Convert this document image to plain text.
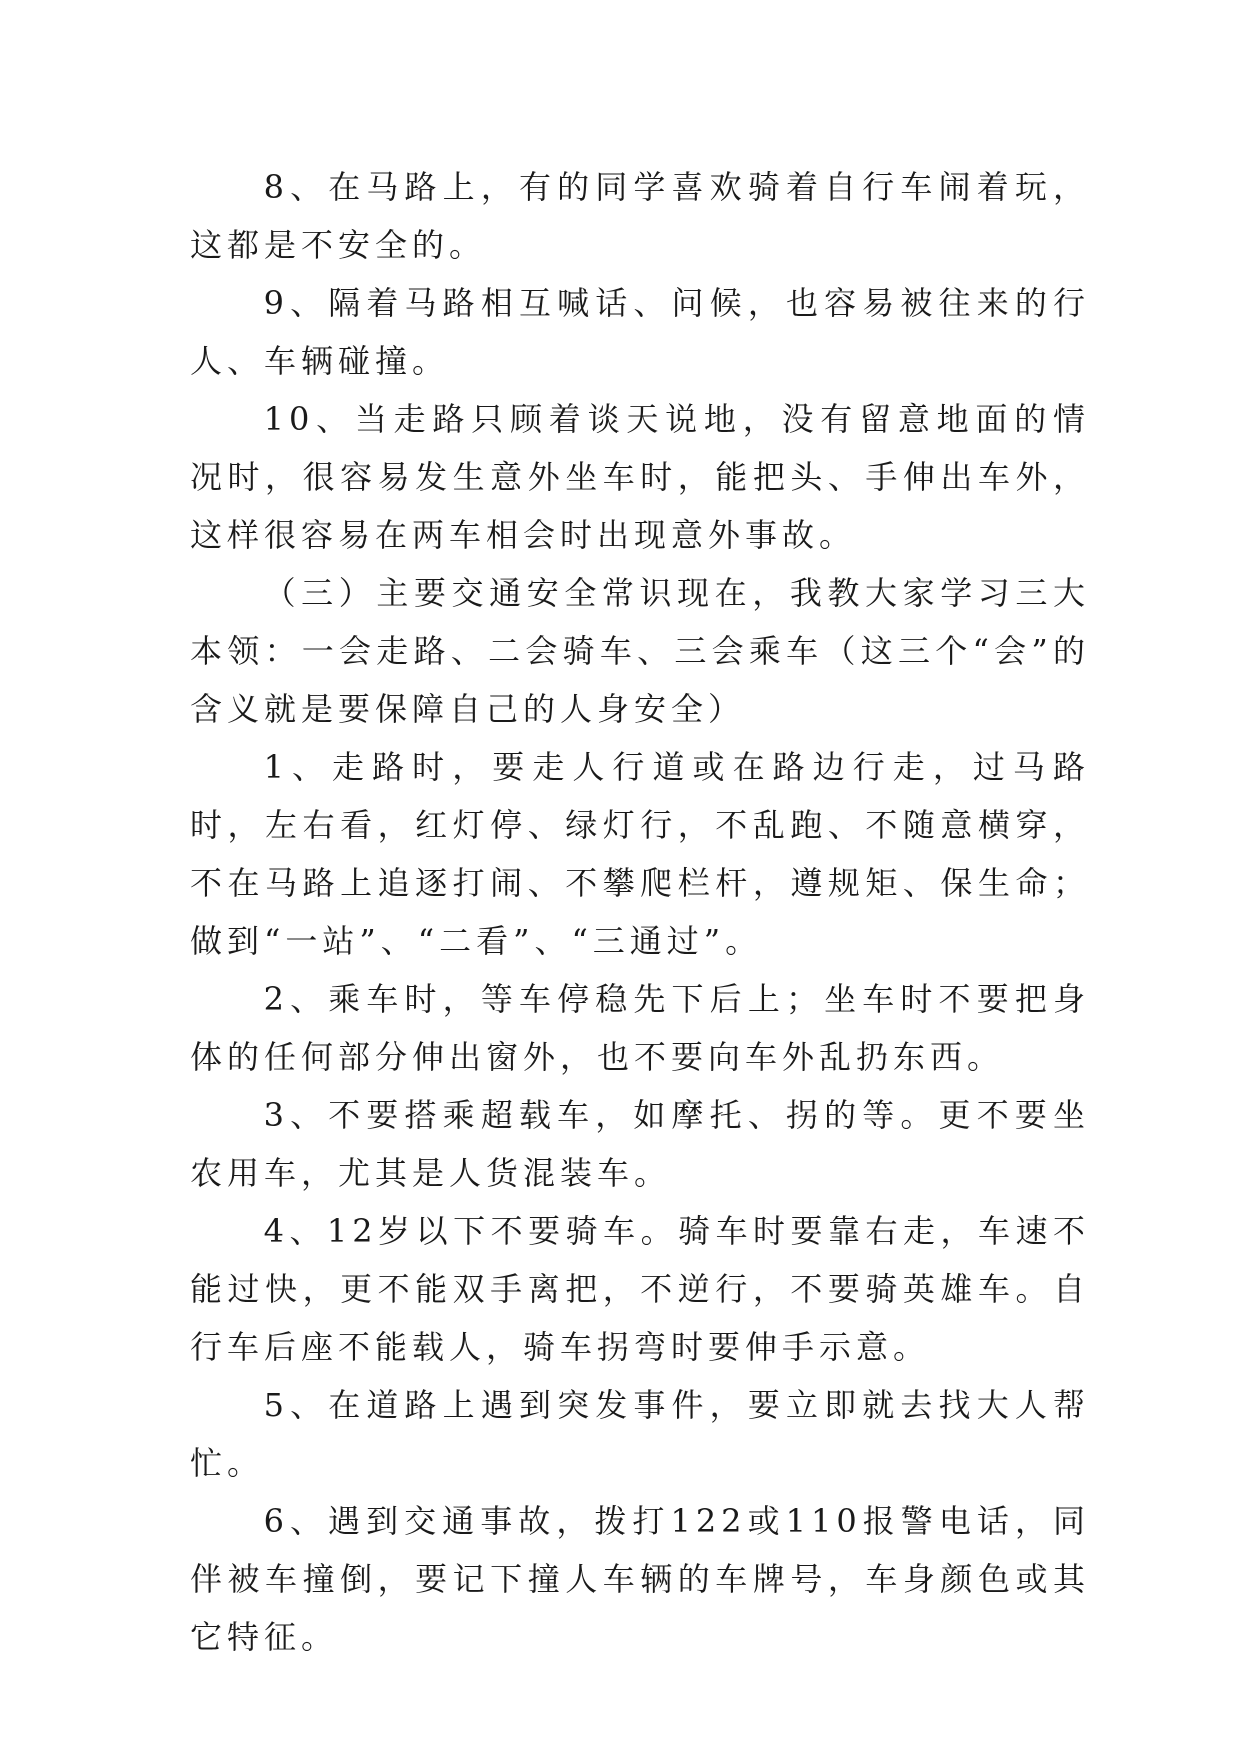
8、在马路上，有的同学喜欢骑着自行车闹着玩，这都是不安全的。

9、隔着马路相互喊话、问候，也容易被往来的行人、车辆碰撞。

10、当走路只顾着谈天说地，没有留意地面的情况时，很容易发生意外坐车时，能把头、手伸出车外，这样很容易在两车相会时出现意外事故。

（三）主要交通安全常识现在，我教大家学习三大本领：一会走路、二会骑车、三会乘车（这三个“会”的含义就是要保障自己的人身安全）

1、走路时，要走人行道或在路边行走，过马路时，左右看，红灯停、绿灯行，不乱跑、不随意横穿，不在马路上追逐打闹、不攀爬栏杆，遵规矩、保生命；做到“一站”、“二看”、“三通过”。

2、乘车时，等车停稳先下后上；坐车时不要把身体的任何部分伸出窗外，也不要向车外乱扔东西。

3、不要搭乘超载车，如摩托、拐的等。更不要坐农用车，尤其是人货混装车。

4、12岁以下不要骑车。骑车时要靠右走，车速不能过快，更不能双手离把，不逆行，不要骑英雄车。自行车后座不能载人，骑车拐弯时要伸手示意。

5、在道路上遇到突发事件，要立即就去找大人帮忙。

6、遇到交通事故，拨打122或110报警电话，同伴被车撞倒，要记下撞人车辆的车牌号，车身颜色或其它特征。
